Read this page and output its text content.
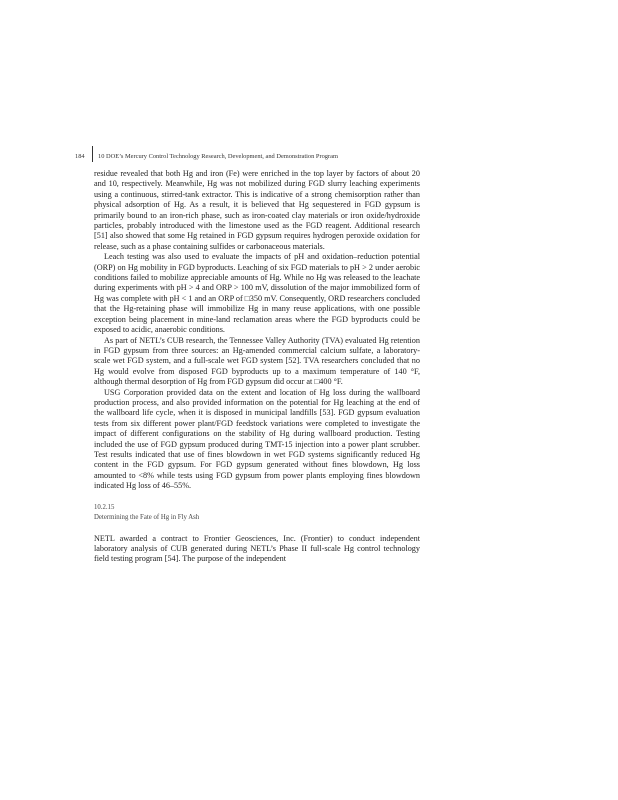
184 10 DOE’s Mercury Control Technology Research, Development, and Demonstration Program

residue revealed that both Hg and iron (Fe) were enriched in the top layer by factors of about 20 and 10, respectively. Meanwhile, Hg was not mobilized during FGD slurry leaching experiments using a continuous, stirred-tank extractor. This is indicative of a strong chemisorption rather than physical adsorption of Hg. As a result, it is believed that Hg sequestered in FGD gypsum is primarily bound to an iron-rich phase, such as iron-coated clay materials or iron oxide/hydroxide particles, probably introduced with the limestone used as the FGD reagent. Additional research [51] also showed that some Hg retained in FGD gypsum requires hydrogen peroxide oxidation for release, such as a phase containing sulfides or carbonaceous materials.

Leach testing was also used to evaluate the impacts of pH and oxidation–reduction potential (ORP) on Hg mobility in FGD byproducts. Leaching of six FGD materials to pH > 2 under aerobic conditions failed to mobilize appreciable amounts of Hg. While no Hg was released to the leachate during experiments with pH > 4 and ORP > 100 mV, dissolution of the major immobilized form of Hg was complete with pH < 1 and an ORP of □350 mV. Consequently, ORD researchers concluded that the Hg-retaining phase will immobilize Hg in many reuse applications, with one possible exception being placement in mine-land reclamation areas where the FGD byproducts could be exposed to acidic, anaerobic conditions.

As part of NETL’s CUB research, the Tennessee Valley Authority (TVA) evaluated Hg retention in FGD gypsum from three sources: an Hg-amended commercial calcium sulfate, a laboratory-scale wet FGD system, and a full-scale wet FGD system [52]. TVA researchers concluded that no Hg would evolve from disposed FGD byproducts up to a maximum temperature of 140 °F, although thermal desorption of Hg from FGD gypsum did occur at □400 °F.

USG Corporation provided data on the extent and location of Hg loss during the wallboard production process, and also provided information on the potential for Hg leaching at the end of the wallboard life cycle, when it is disposed in municipal landfills [53]. FGD gypsum evaluation tests from six different power plant/FGD feedstock variations were completed to investigate the impact of different configurations on the stability of Hg during wallboard production. Testing included the use of FGD gypsum produced during TMT-15 injection into a power plant scrubber. Test results indicated that use of fines blowdown in wet FGD systems significantly reduced Hg content in the FGD gypsum. For FGD gypsum generated without fines blowdown, Hg loss amounted to <8% while tests using FGD gypsum from power plants employing fines blowdown indicated Hg loss of 46–55%.

10.2.15
Determining the Fate of Hg in Fly Ash

NETL awarded a contract to Frontier Geosciences, Inc. (Frontier) to conduct independent laboratory analysis of CUB generated during NETL’s Phase II full-scale Hg control technology field testing program [54]. The purpose of the independent
